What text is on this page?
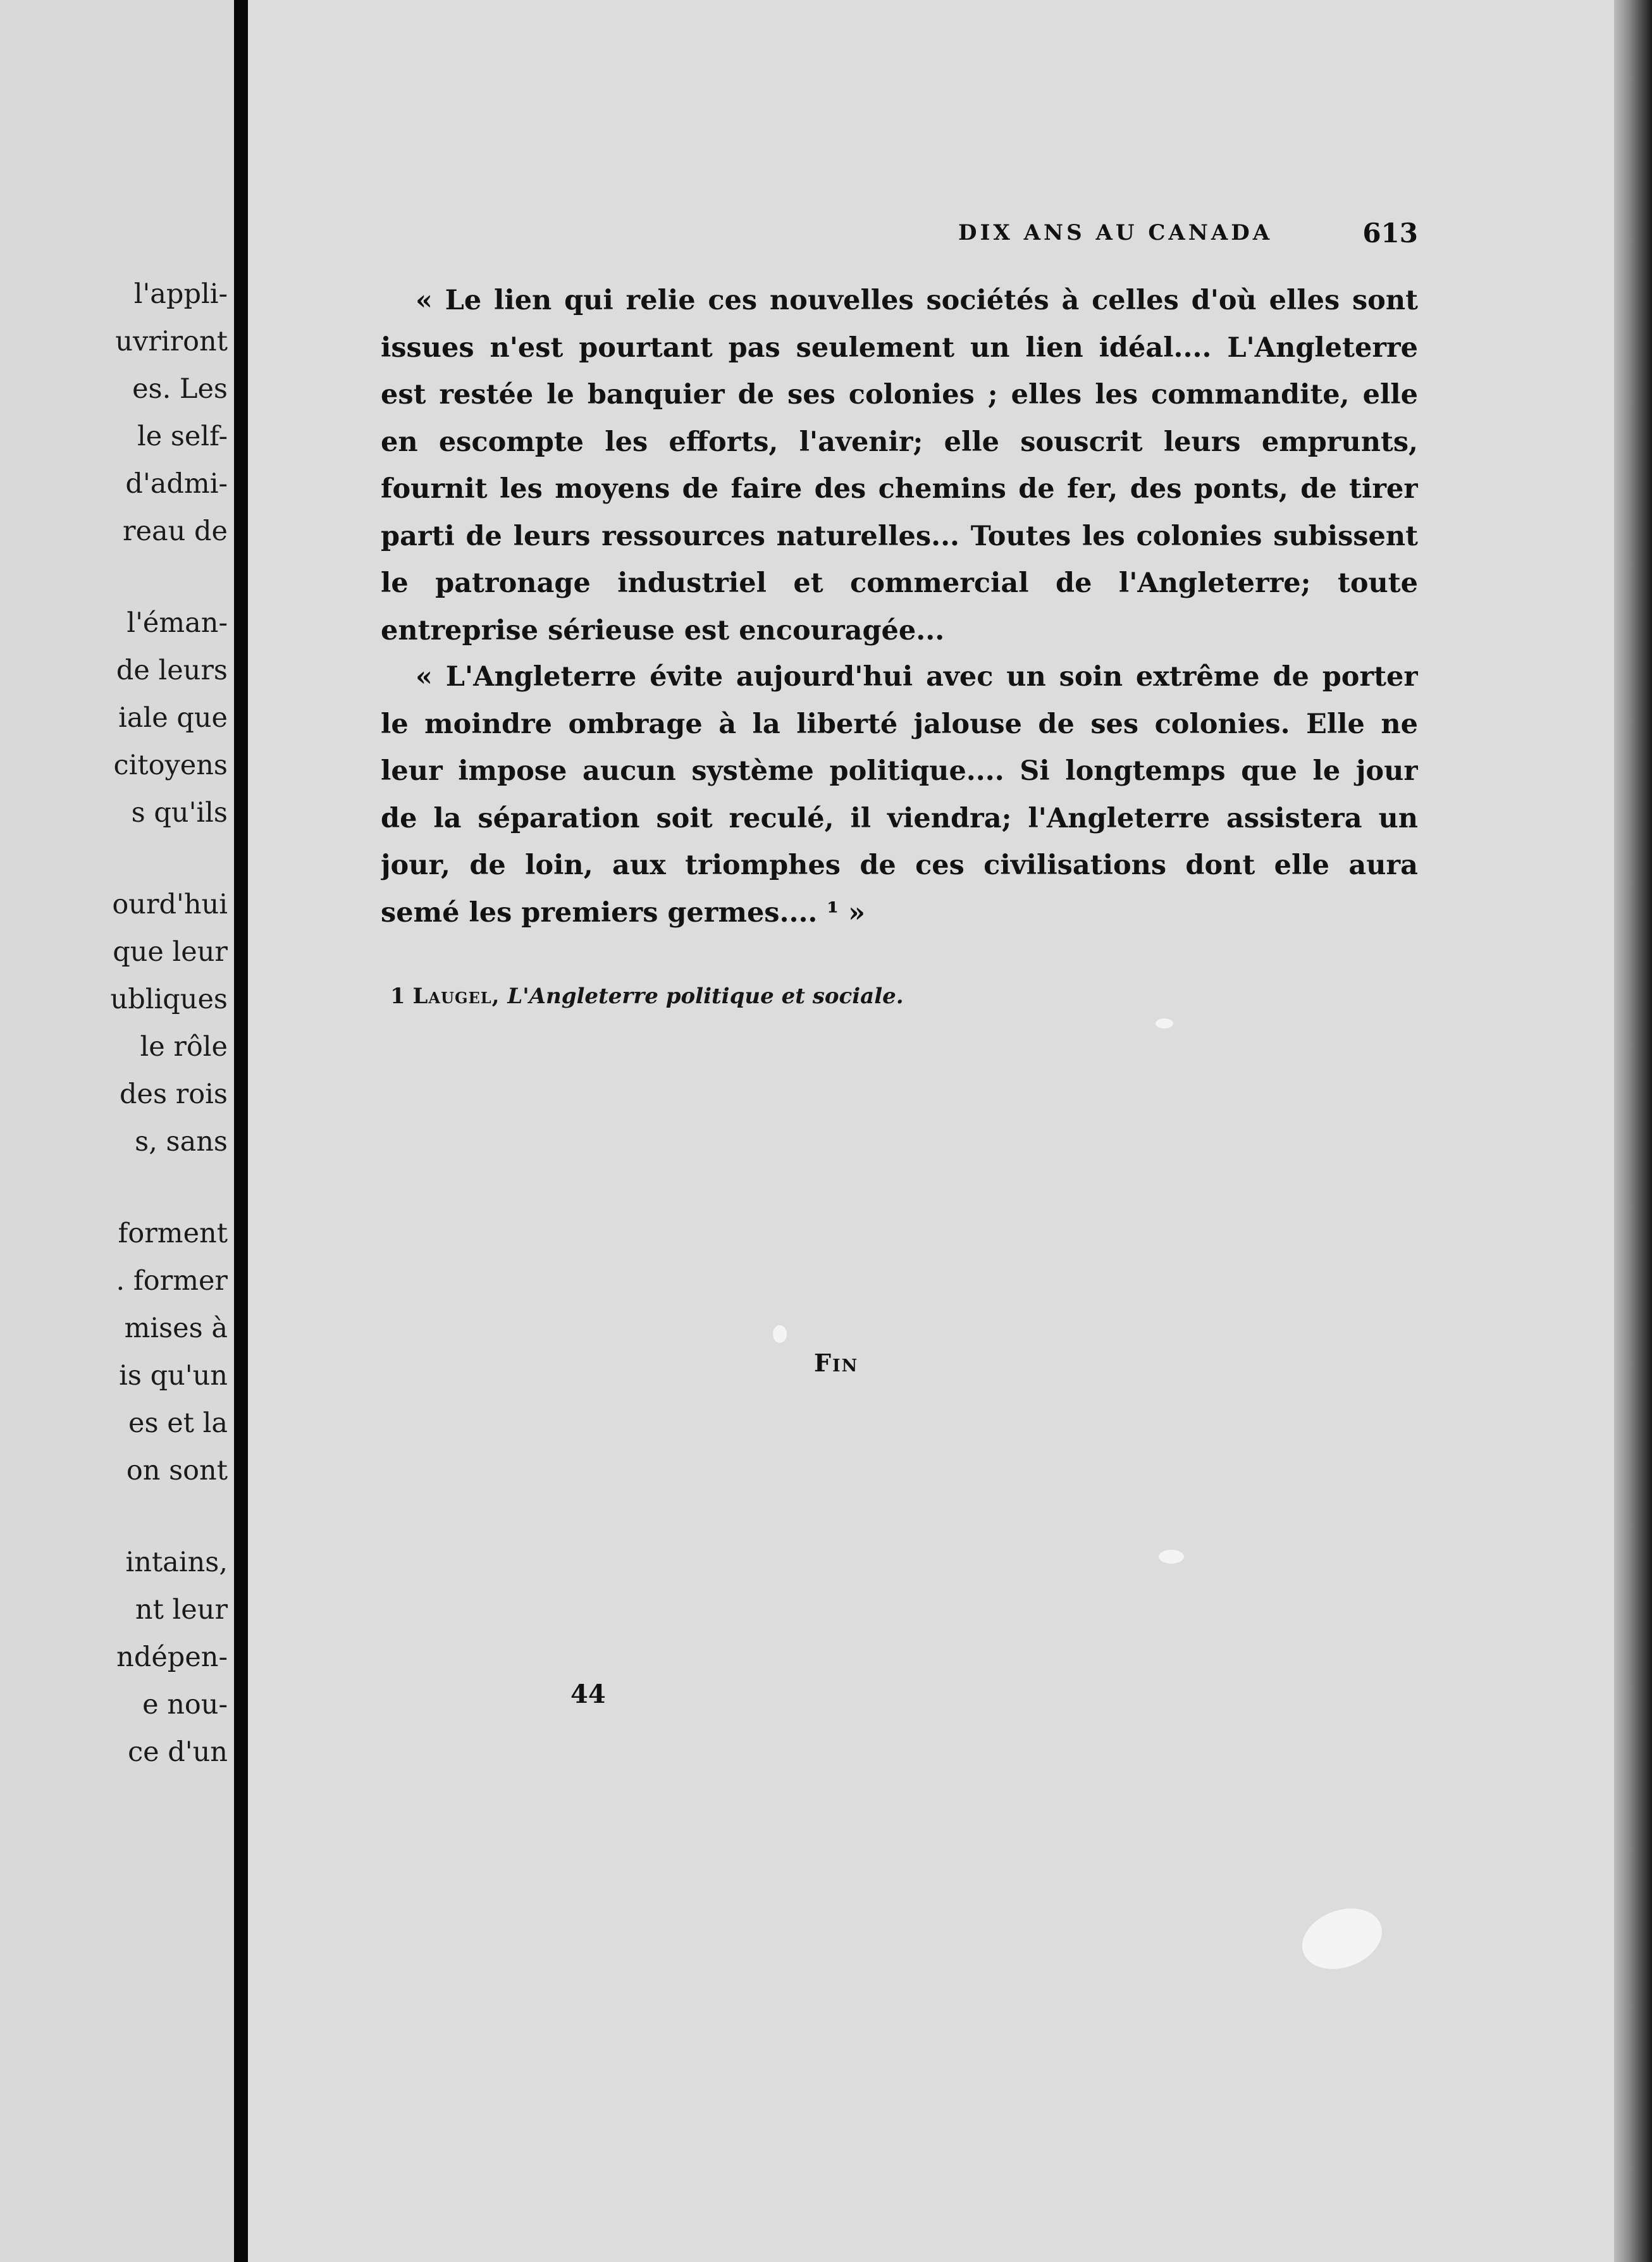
l'appli-
uvriront
es. Les
le self-
d'admi-
reau de
l'éman-
de leurs
iale que
citoyens
s qu'ils
ourd'hui
que leur
ubliques
le rôle
des rois
s, sans
forment
. former
mises à
is qu'un
es et la
on sont
intains,
nt leur
ndépen-
e nou-
ce d'un
DIX ANS AU CANADA	613
« Le lien qui relie ces nouvelles sociétés à celles d'où elles sont
issues n'est pourtant pas seulement un lien idéal.... L'Angleterre
est restée le banquier de ses colonies ; elles les commandite, elle
en escompte les efforts, l'avenir; elle souscrit leurs emprunts,
fournit les moyens de faire des chemins de fer, des ponts, de tirer
parti de leurs ressources naturelles... Toutes les colonies subissent
le patronage industriel et commercial de l'Angleterre; toute
entreprise sérieuse est encouragée...
« L'Angleterre évite aujourd'hui avec un soin extrême de porter
le moindre ombrage à la liberté jalouse de ses colonies. Elle ne
leur impose aucun système politique.... Si longtemps que le jour
de la séparation soit reculé, il viendra; l'Angleterre assistera un
jour, de loin, aux triomphes de ces civilisations dont elle aura
semé les premiers germes.... ¹ »
1 Laugel, L'Angleterre politique et sociale.
Fin
44
